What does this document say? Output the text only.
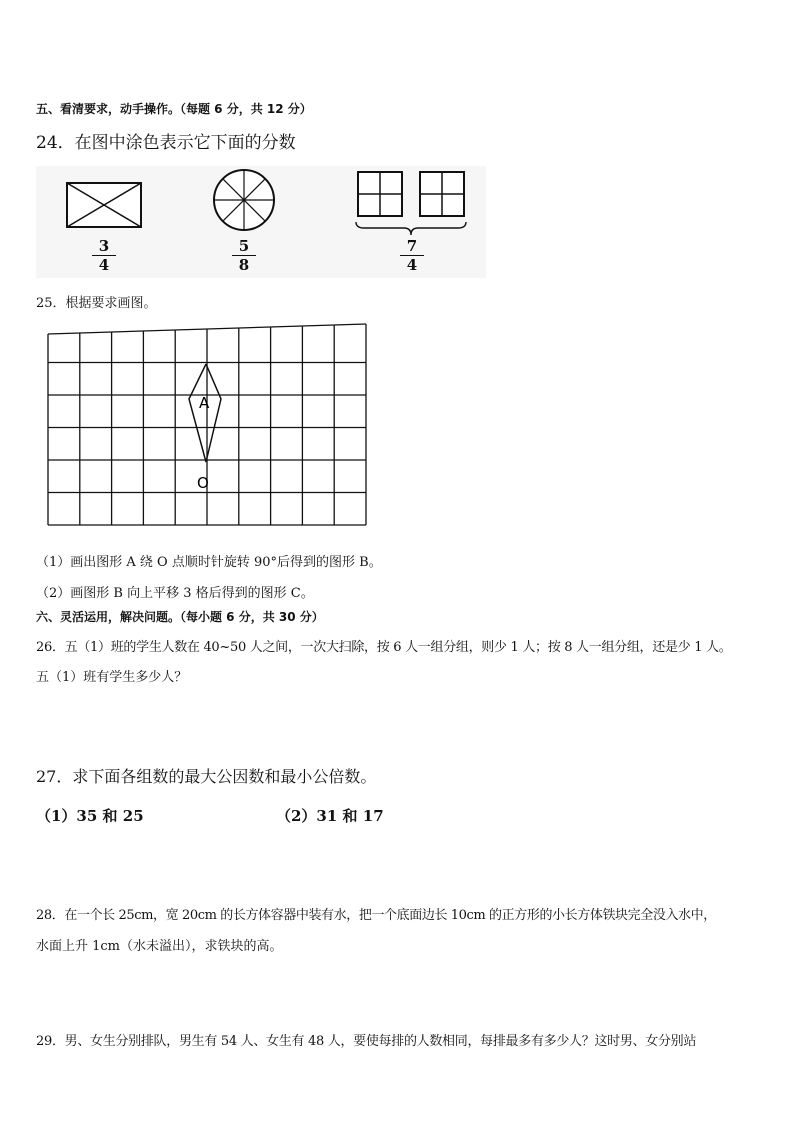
五、看清要求，动手操作。（每题 6 分，共 12 分）
24．在图中涂色表示它下面的分数
3
4
5
8
7
4
25．根据要求画图。
A
O
（1）画出图形 A 绕 O 点顺时针旋转 90°后得到的图形 B。
（2）画图形 B 向上平移 3 格后得到的图形 C。
六、灵活运用，解决问题。（每小题 6 分，共 30 分）
26．五（1）班的学生人数在 40~50 人之间，一次大扫除，按 6 人一组分组，则少 1 人；按 8 人一组分组，还是少 1 人。
五（1）班有学生多少人？
27．求下面各组数的最大公因数和最小公倍数。
（1）35 和 25	（2）31 和 17
28．在一个长 25cm，宽 20cm 的长方体容器中装有水，把一个底面边长 10cm 的正方形的小长方体铁块完全没入水中，
水面上升 1cm（水未溢出），求铁块的高。
29．男、女生分别排队，男生有 54 人、女生有 48 人，要使每排的人数相同，每排最多有多少人？这时男、女分别站
